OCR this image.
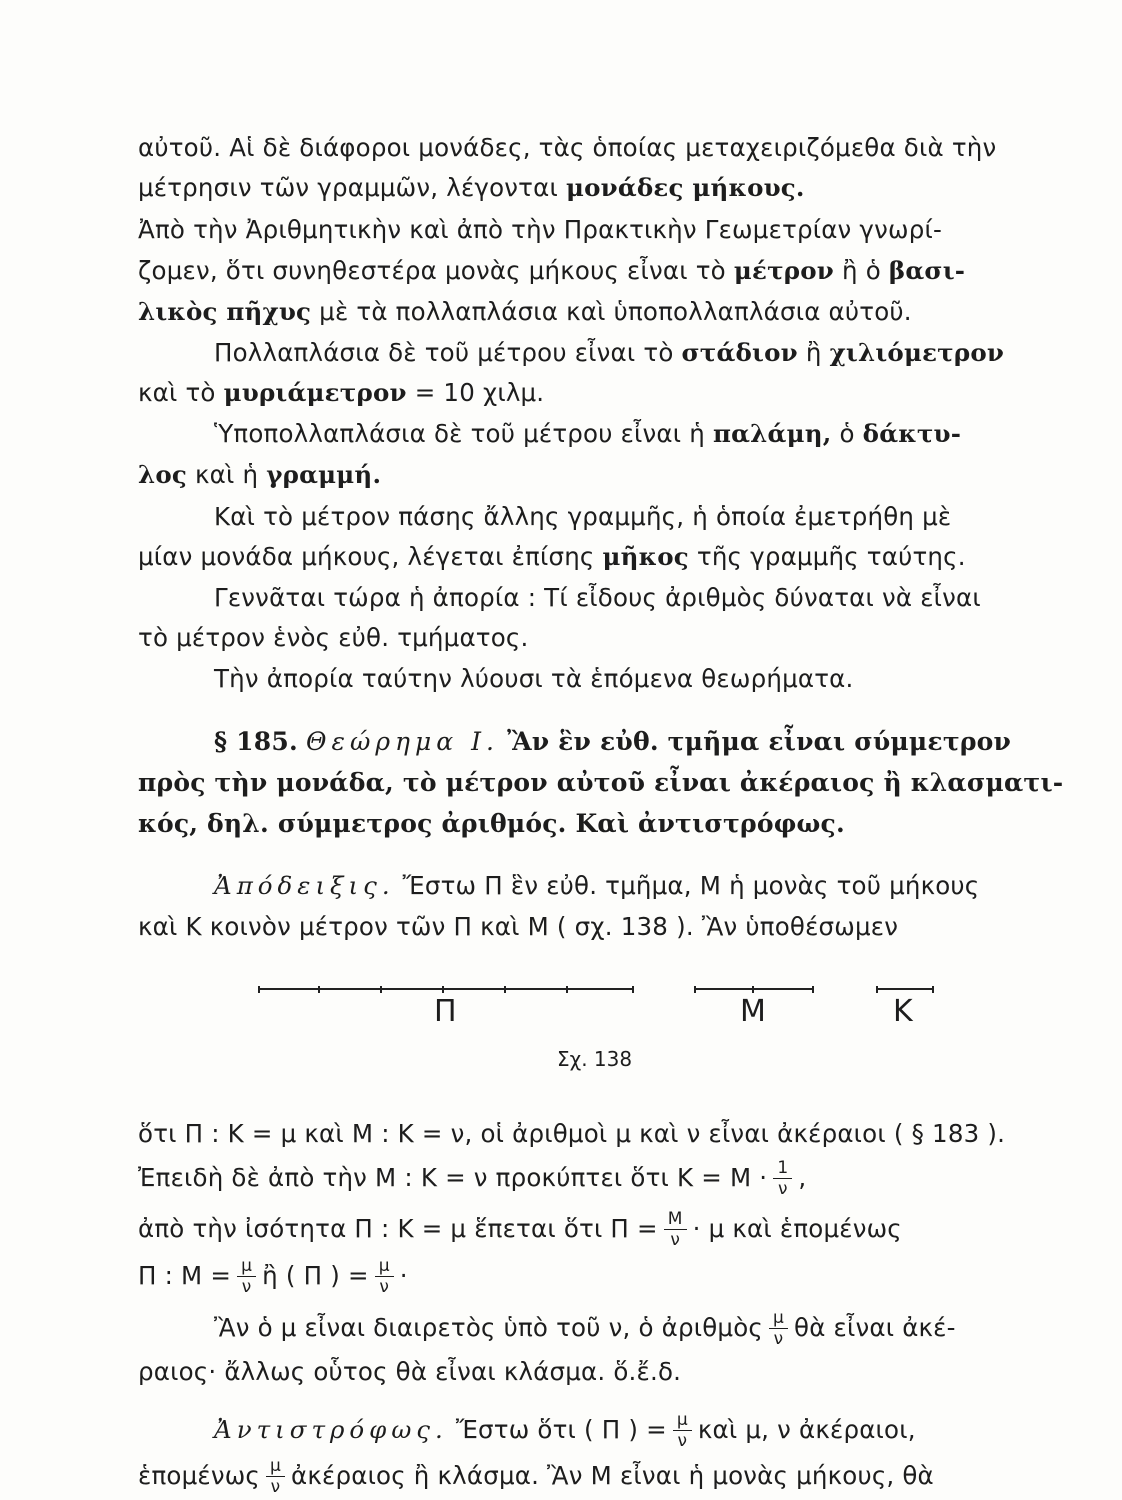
αὐτοῦ. Αἱ δὲ διάφοροι μονάδες, τὰς ὁποίας μεταχειριζόμεθα διὰ τὴν
μέτρησιν τῶν γραμμῶν, λέγονται μονάδες μήκους.
Ἀπὸ τὴν Ἀριθμητικὴν καὶ ἀπὸ τὴν Πρακτικὴν Γεωμετρίαν γνωρί-
ζομεν, ὅτι συνηθεστέρα μονὰς μήκους εἶναι τὸ μέτρον ἢ ὁ βασι-
λικὸς πῆχυς μὲ τὰ πολλαπλάσια καὶ ὑποπολλαπλάσια αὐτοῦ.
Πολλαπλάσια δὲ τοῦ μέτρου εἶναι τὸ στάδιον ἢ χιλιόμετρον
καὶ τὸ μυριάμετρον = 10 χιλμ.
Ὑποπολλαπλάσια δὲ τοῦ μέτρου εἶναι ἡ παλάμη, ὁ δάκτυ-
λος καὶ ἡ γραμμή.
Καὶ τὸ μέτρον πάσης ἄλλης γραμμῆς, ἡ ὁποία ἐμετρήθη μὲ
μίαν μονάδα μήκους, λέγεται ἐπίσης μῆκος τῆς γραμμῆς ταύτης.
Γεννᾶται τώρα ἡ ἀπορία : Τί εἶδους ἀριθμὸς δύναται νὰ εἶναι
τὸ μέτρον ἑνὸς εὐθ. τμήματος.
Τὴν ἀπορία ταύτην λύουσι τὰ ἑπόμενα θεωρήματα.
§ 185. Θεώρημα Ι. Ἂν ἓν εὐθ. τμῆμα εἶναι σύμμετρον
πρὸς τὴν μονάδα, τὸ μέτρον αὐτοῦ εἶναι ἀκέραιος ἢ κλασματι-
κός, δηλ. σύμμετρος ἀριθμός. Καὶ ἀντιστρόφως.
Ἀπόδειξις. Ἔστω Π ἓν εὐθ. τμῆμα, Μ ἡ μονὰς τοῦ μήκους
καὶ Κ κοινὸν μέτρον τῶν Π καὶ Μ ( σχ. 138 ). Ἂν ὑποθέσωμεν
Π	Μ	Κ
Σχ. 138
ὅτι Π : Κ = μ καὶ Μ : Κ = ν, οἱ ἀριθμοὶ μ καὶ ν εἶναι ἀκέραιοι ( § 183 ).
Ἐπειδὴ δὲ ἀπὸ τὴν Μ : Κ = ν προκύπτει ὅτι $K = M \cdot \frac{1}{\nu}$ ,
ἀπὸ τὴν ἰσότητα Π : Κ = μ ἕπεται ὅτι $\Pi = \frac{M}{\nu} \cdot \mu$ καὶ ἑπομένως
Π : $M = \frac{\mu}{\nu}$ ἢ ( Π ) = $\frac{\mu}{\nu}$ ·
Ἂν ὁ μ εἶναι διαιρετὸς ὑπὸ τοῦ ν, ὁ ἀριθμὸς $\frac{\mu}{\nu}$ θὰ εἶναι ἀκέ-
ραιος· ἄλλως οὗτος θὰ εἶναι κλάσμα. ὅ.ἔ.δ.
Ἀντιστρόφως. Ἔστω ὅτι ( Π ) = $\frac{\mu}{\nu}$ καὶ μ, ν ἀκέραιοι,
ἑπομένως $\frac{\mu}{\nu}$ ἀκέραιος ἢ κλάσμα. Ἂν Μ εἶναι ἡ μονὰς μήκους, θὰ
